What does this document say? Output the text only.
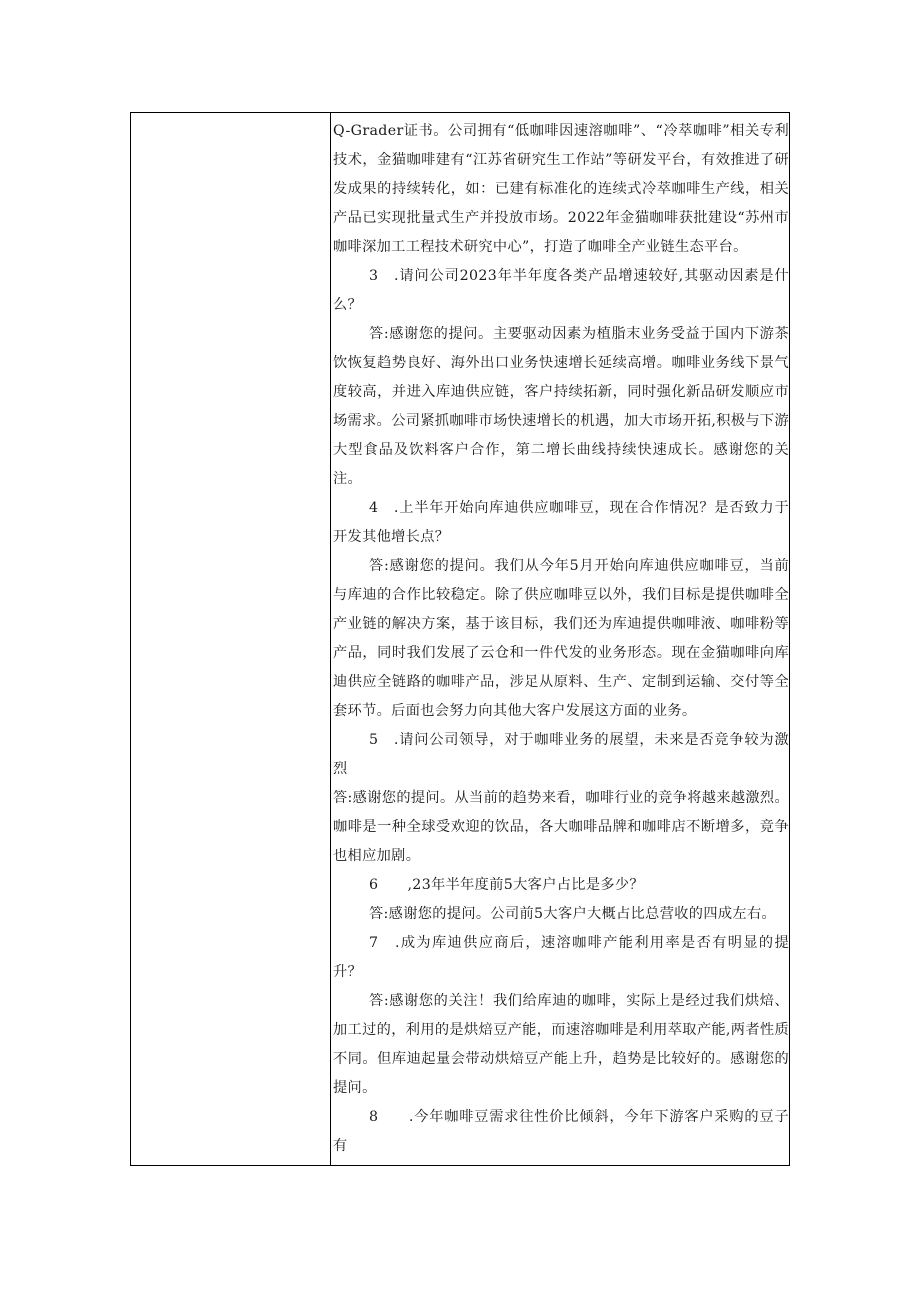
Q-Grader证书。公司拥有“低咖啡因速溶咖啡”、“冷萃咖啡”相关专利技术，金猫咖啡建有“江苏省研究生工作站”等研发平台，有效推进了研发成果的持续转化，如：已建有标准化的连续式冷萃咖啡生产线，相关产品已实现批量式生产并投放市场。2022年金猫咖啡获批建设“苏州市咖啡深加工工程技术研究中心”，打造了咖啡全产业链生态平台。

3　.请问公司2023年半年度各类产品增速较好,其驱动因素是什么？

答:感谢您的提问。主要驱动因素为植脂末业务受益于国内下游茶饮恢复趋势良好、海外出口业务快速增长延续高增。咖啡业务线下景气度较高，并进入库迪供应链，客户持续拓新，同时强化新品研发顺应市场需求。公司紧抓咖啡市场快速增长的机遇，加大市场开拓,积极与下游大型食品及饮料客户合作，第二增长曲线持续快速成长。感谢您的关注。

4　.上半年开始向库迪供应咖啡豆，现在合作情况？是否致力于开发其他增长点？

答:感谢您的提问。我们从今年5月开始向库迪供应咖啡豆，当前与库迪的合作比较稳定。除了供应咖啡豆以外，我们目标是提供咖啡全产业链的解决方案，基于该目标，我们还为库迪提供咖啡液、咖啡粉等产品，同时我们发展了云仓和一件代发的业务形态。现在金猫咖啡向库迪供应全链路的咖啡产品，涉足从原料、生产、定制到运输、交付等全套环节。后面也会努力向其他大客户发展这方面的业务。

5　.请问公司领导，对于咖啡业务的展望，未来是否竞争较为激烈

答:感谢您的提问。从当前的趋势来看，咖啡行业的竞争将越来越激烈。咖啡是一种全球受欢迎的饮品，各大咖啡品牌和咖啡店不断增多，竞争也相应加剧。

6　　,23年半年度前5大客户占比是多少？

答:感谢您的提问。公司前5大客户大概占比总营收的四成左右。

7　.成为库迪供应商后，速溶咖啡产能利用率是否有明显的提升？

答:感谢您的关注！我们给库迪的咖啡，实际上是经过我们烘焙、加工过的，利用的是烘焙豆产能，而速溶咖啡是利用萃取产能,两者性质不同。但库迪起量会带动烘焙豆产能上升，趋势是比较好的。感谢您的提问。

8　　.今年咖啡豆需求往性价比倾斜，今年下游客户采购的豆子有
